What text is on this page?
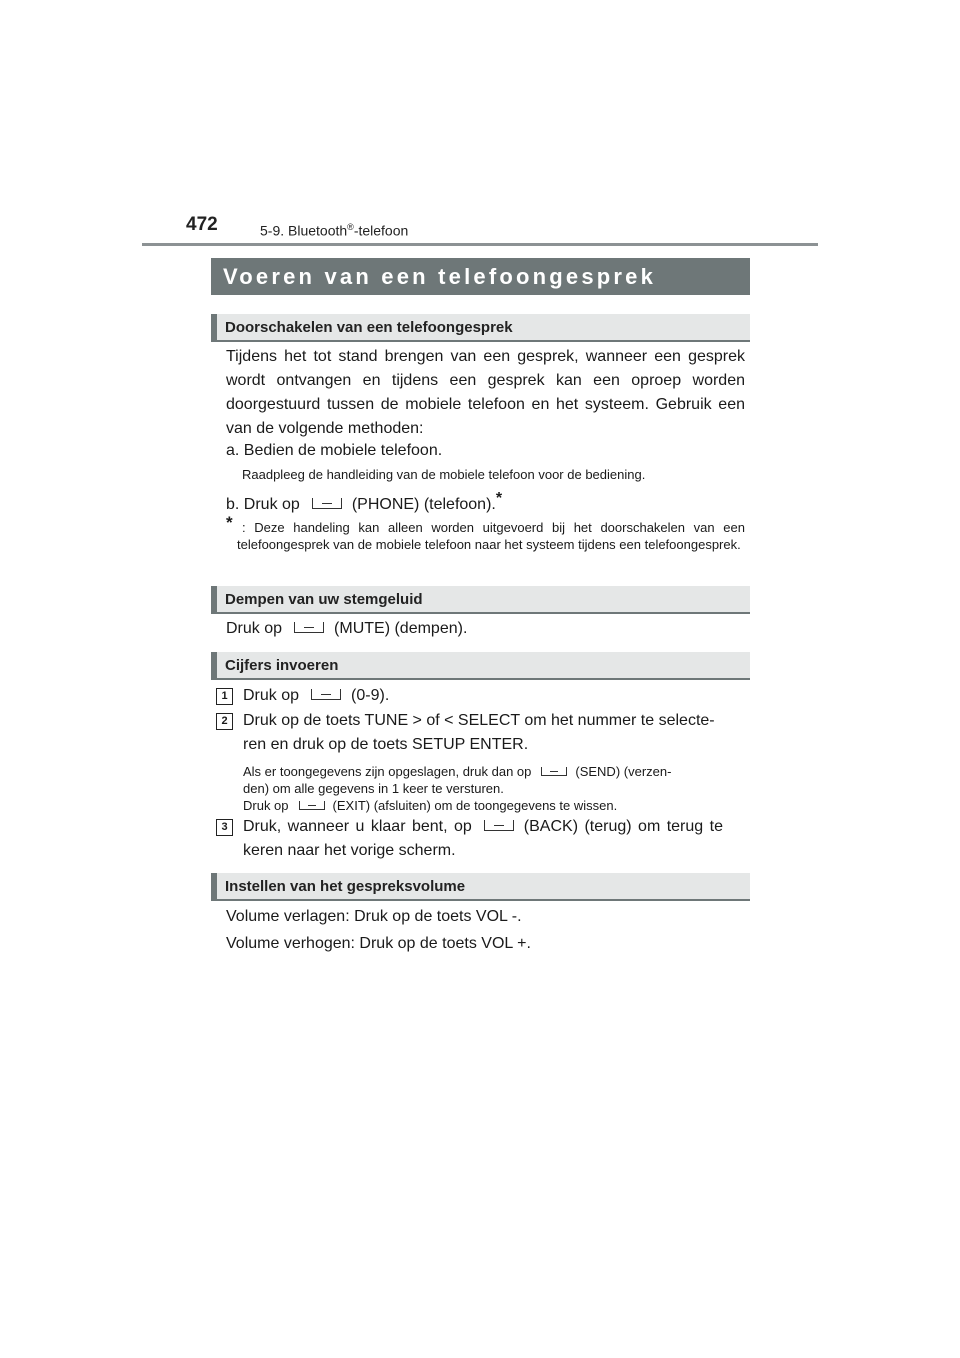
472	5-9. Bluetooth®-telefoon
Voeren van een telefoongesprek
Doorschakelen van een telefoongesprek

Tijdens het tot stand brengen van een gesprek, wanneer een gesprek wordt ontvangen en tijdens een gesprek kan een oproep worden doorgestuurd tussen de mobiele telefoon en het systeem. Gebruik een van de volgende methoden:

a. Bedien de mobiele telefoon.

Raadpleeg de handleiding van de mobiele telefoon voor de bediening.

b. Druk op	(PHONE) (telefoon).*

* : Deze handeling kan alleen worden uitgevoerd bij het doorschakelen van een telefoongesprek van de mobiele telefoon naar het systeem tijdens een telefoongesprek.

Dempen van uw stemgeluid

Druk op	(MUTE) (dempen).

Cijfers invoeren
1 Druk op	(0-9).

2 Druk op de toets TUNE > of < SELECT om het nummer te selecte-

ren en druk op de toets SETUP ENTER.

Als er toongegevens zijn opgeslagen, druk dan op	(SEND) (verzen-

den) om alle gegevens in 1 keer te versturen.

Druk op	(EXIT) (afsluiten) om de toongegevens te wissen.

3 Druk, wanneer u klaar bent, op	(BACK) (terug) om terug te

keren naar het vorige scherm.

Instellen van het gespreksvolume

Volume verlagen: Druk op de toets VOL -.

Volume verhogen: Druk op de toets VOL +.
